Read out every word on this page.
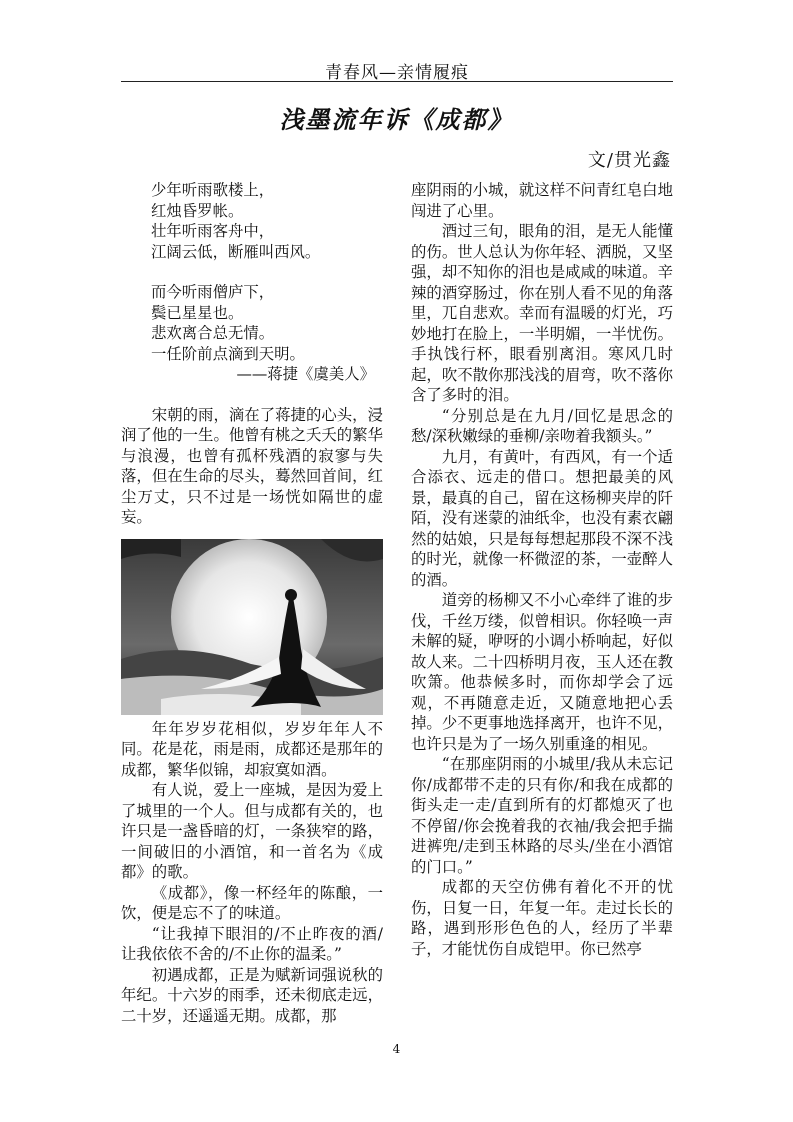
青春风—亲情履痕
浅墨流年诉《成都》
文/贯光鑫
少年听雨歌楼上，
红烛昏罗帐。
壮年听雨客舟中，
江阔云低，断雁叫西风。
而今听雨僧庐下，
鬓已星星也。
悲欢离合总无情。
一任阶前点滴到天明。
——蒋捷《虞美人》

宋朝的雨，滴在了蒋捷的心头，浸润了他的一生。他曾有桃之夭夭的繁华与浪漫，也曾有孤杯残酒的寂寥与失落，但在生命的尽头，蓦然回首间，红尘万丈，只不过是一场恍如隔世的虚妄。

年年岁岁花相似，岁岁年年人不同。花是花，雨是雨，成都还是那年的成都，繁华似锦，却寂寞如酒。

有人说，爱上一座城，是因为爱上了城里的一个人。但与成都有关的，也许只是一盏昏暗的灯，一条狭窄的路，一间破旧的小酒馆，和一首名为《成都》的歌。

《成都》，像一杯经年的陈酿，一饮，便是忘不了的味道。

“让我掉下眼泪的/不止昨夜的酒/让我依依不舍的/不止你的温柔。”

初遇成都，正是为赋新词强说秋的年纪。十六岁的雨季，还未彻底走远，二十岁，还遥遥无期。成都，那

座阴雨的小城，就这样不问青红皂白地闯进了心里。

酒过三旬，眼角的泪，是无人能懂的伤。世人总认为你年轻、洒脱，又坚强，却不知你的泪也是咸咸的味道。辛辣的酒穿肠过，你在别人看不见的角落里，兀自悲欢。幸而有温暖的灯光，巧妙地打在脸上，一半明媚，一半忧伤。手执饯行杯，眼看别离泪。寒风几时起，吹不散你那浅浅的眉弯，吹不落你含了多时的泪。

“分别总是在九月/回忆是思念的愁/深秋嫩绿的垂柳/亲吻着我额头。”

九月，有黄叶，有西风，有一个适合添衣、远走的借口。想把最美的风景，最真的自己，留在这杨柳夹岸的阡陌，没有迷蒙的油纸伞，也没有素衣翩然的姑娘，只是每每想起那段不深不浅的时光，就像一杯微涩的茶，一壶醉人的酒。

道旁的杨柳又不小心牵绊了谁的步伐，千丝万缕，似曾相识。你轻唤一声未解的疑，咿呀的小调小桥响起，好似故人来。二十四桥明月夜，玉人还在教吹箫。他恭候多时，而你却学会了远观，不再随意走近，又随意地把心丢掉。少不更事地选择离开，也许不见，也许只是为了一场久别重逢的相见。

“在那座阴雨的小城里/我从未忘记你/成都带不走的只有你/和我在成都的街头走一走/直到所有的灯都熄灭了也不停留/你会挽着我的衣袖/我会把手揣进裤兜/走到玉林路的尽头/坐在小酒馆的门口。”

成都的天空仿佛有着化不开的忧伤，日复一日，年复一年。走过长长的路，遇到形形色色的人，经历了半辈子，才能忧伤自成铠甲。你已然亭

4
